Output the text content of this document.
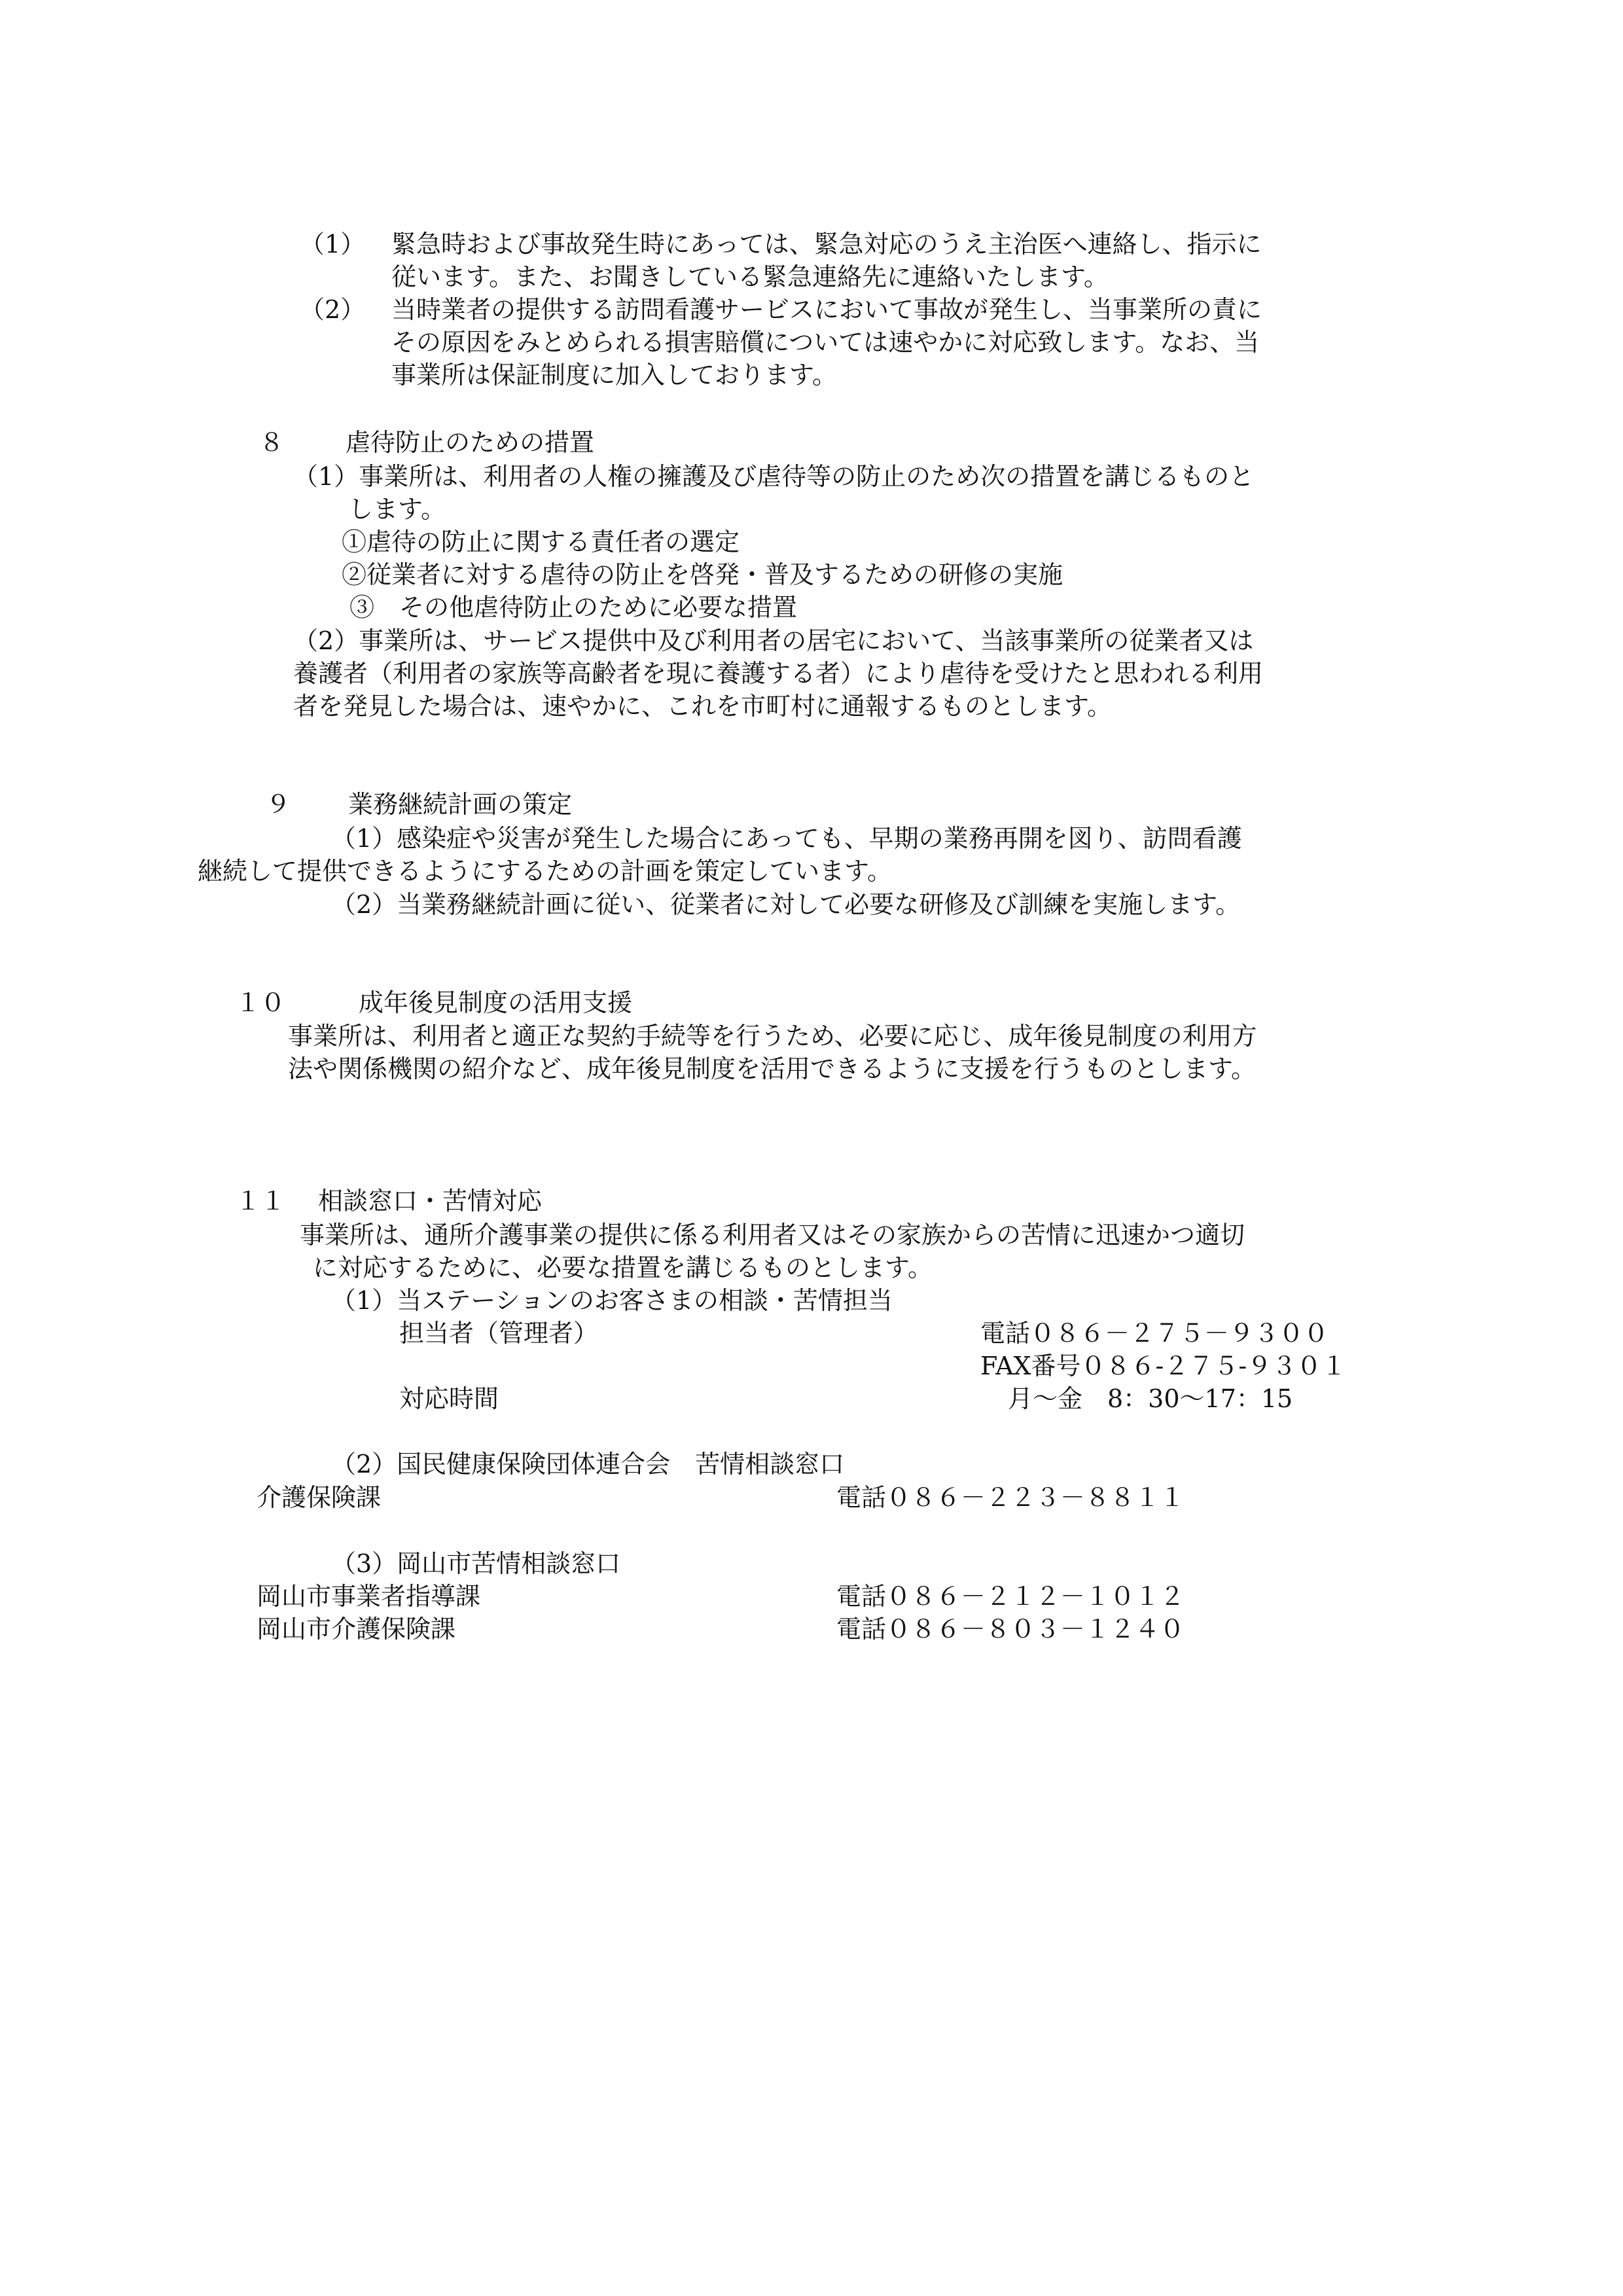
（1） 緊急時および事故発生時にあっては、緊急対応のうえ主治医へ連絡し、指示に
従います。また、お聞きしている緊急連絡先に連絡いたします。
（2） 当時業者の提供する訪問看護サービスにおいて事故が発生し、当事業所の責に
その原因をみとめられる損害賠償については速やかに対応致します。なお、当
事業所は保証制度に加入しております。
８ 虐待防止のための措置
（1）事業所は、利用者の人権の擁護及び虐待等の防止のため次の措置を講じるものと
します。
①虐待の防止に関する責任者の選定
②従業者に対する虐待の防止を啓発・普及するための研修の実施
③　その他虐待防止のために必要な措置
（2）事業所は、サービス提供中及び利用者の居宅において、当該事業所の従業者又は
養護者（利用者の家族等高齢者を現に養護する者）により虐待を受けたと思われる利用
者を発見した場合は、速やかに、これを市町村に通報するものとします。
９ 業務継続計画の策定
（1）感染症や災害が発生した場合にあっても、早期の業務再開を図り、訪問看護
継続して提供できるようにするための計画を策定しています。
（2）当業務継続計画に従い、従業者に対して必要な研修及び訓練を実施します。
１０	成年後見制度の活用支援
事業所は、利用者と適正な契約手続等を行うため、必要に応じ、成年後見制度の利用方
法や関係機関の紹介など、成年後見制度を活用できるように支援を行うものとします。
１１ 相談窓口・苦情対応
事業所は、通所介護事業の提供に係る利用者又はその家族からの苦情に迅速かつ適切
に対応するために、必要な措置を講じるものとします。
（1）当ステーションのお客さまの相談・苦情担当
担当者（管理者）	電話０８６－２７５－９３００
FAX番号０８６-２７５-９３０１
対応時間	月～金　8：30～17：15
（2）国民健康保険団体連合会　苦情相談窓口
介護保険課	電話０８６－２２３－８８１１
（3）岡山市苦情相談窓口
岡山市事業者指導課	電話０８６－２１２－１０１２
岡山市介護保険課	電話０８６－８０３－１２４０
